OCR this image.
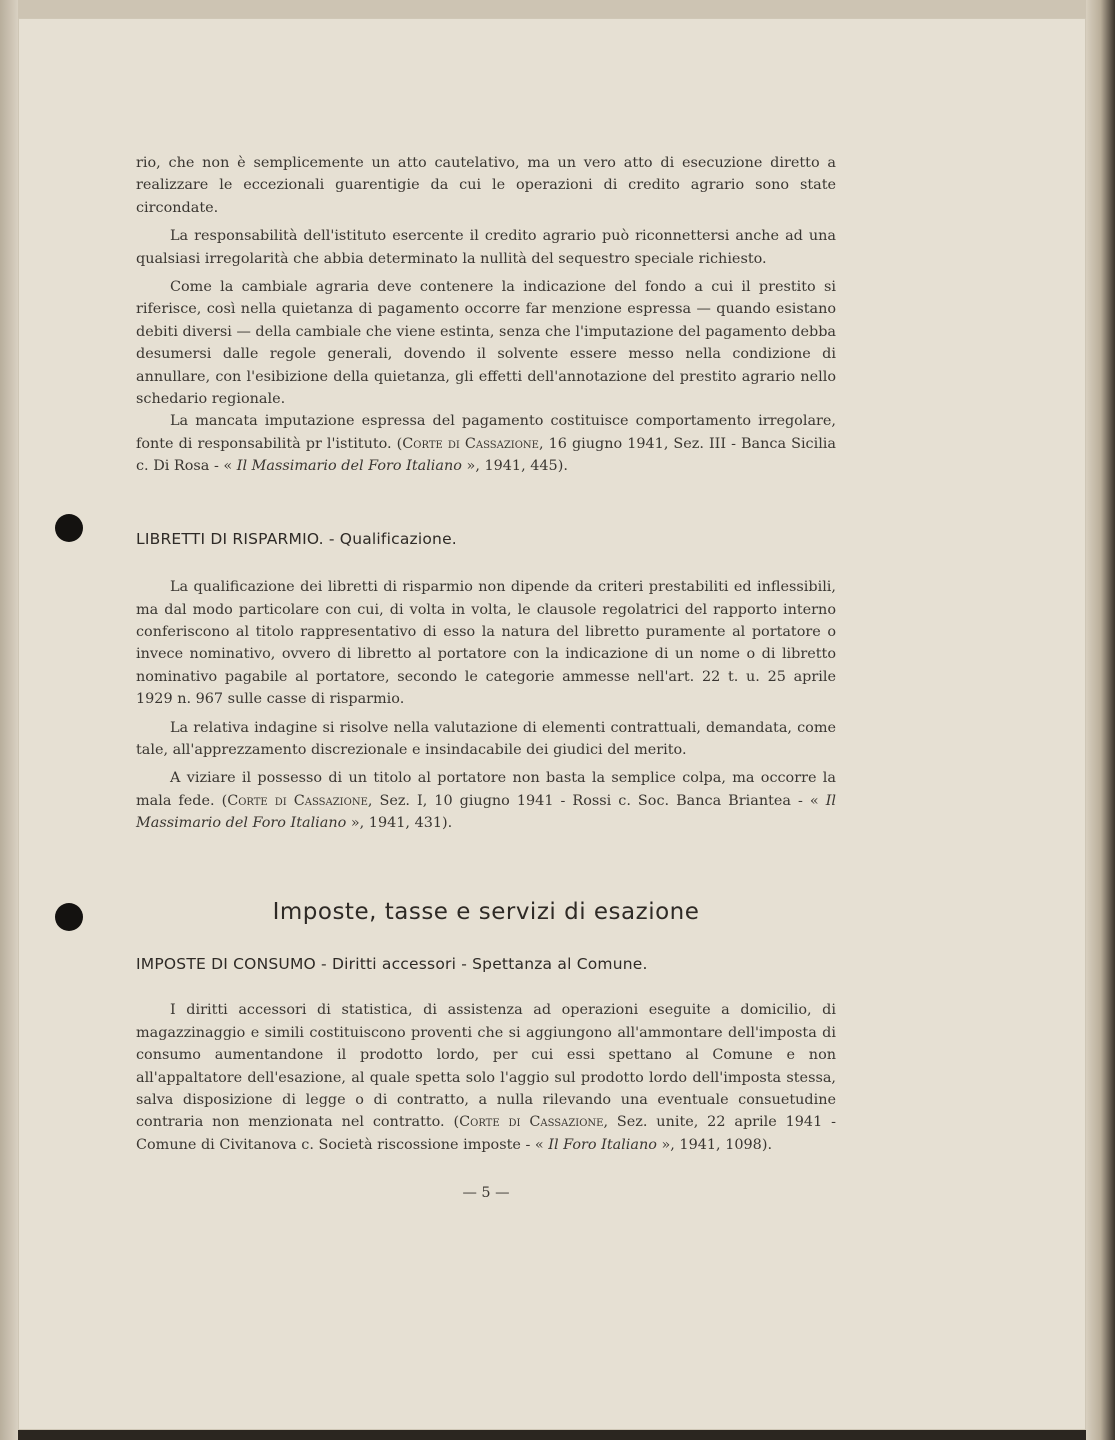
rio, che non è semplicemente un atto cautelativo, ma un vero atto di esecuzione diretto a realizzare le eccezionali guarentigie da cui le operazioni di credito agrario sono state circondate.

La responsabilità dell'istituto esercente il credito agrario può riconnettersi anche ad una qualsiasi irregolarità che abbia determinato la nullità del sequestro speciale richiesto.

Come la cambiale agraria deve contenere la indicazione del fondo a cui il prestito si riferisce, così nella quietanza di pagamento occorre far menzione espressa — quando esistano debiti diversi — della cambiale che viene estinta, senza che l'imputazione del pagamento debba desumersi dalle regole generali, dovendo il solvente essere messo nella condizione di annullare, con l'esibizione della quietanza, gli effetti dell'annotazione del prestito agrario nello schedario regionale.

La mancata imputazione espressa del pagamento costituisce comportamento irregolare, fonte di responsabilità pr l'istituto. (Corte di Cassazione, 16 giugno 1941, Sez. III - Banca Sicilia c. Di Rosa - « Il Massimario del Foro Italiano », 1941, 445).

LIBRETTI DI RISPARMIO. - Qualificazione.

La qualificazione dei libretti di risparmio non dipende da criteri prestabiliti ed inflessibili, ma dal modo particolare con cui, di volta in volta, le clausole regolatrici del rapporto interno conferiscono al titolo rappresentativo di esso la natura del libretto puramente al portatore o invece nominativo, ovvero di libretto al portatore con la indicazione di un nome o di libretto nominativo pagabile al portatore, secondo le categorie ammesse nell'art. 22 t. u. 25 aprile 1929 n. 967 sulle casse di risparmio.

La relativa indagine si risolve nella valutazione di elementi contrattuali, demandata, come tale, all'apprezzamento discrezionale e insindacabile dei giudici del merito.

A viziare il possesso di un titolo al portatore non basta la semplice colpa, ma occorre la mala fede. (Corte di Cassazione, Sez. I, 10 giugno 1941 - Rossi c. Soc. Banca Briantea - « Il Massimario del Foro Italiano », 1941, 431).

Imposte, tasse e servizi di esazione
IMPOSTE DI CONSUMO - Diritti accessori - Spettanza al Comune.

I diritti accessori di statistica, di assistenza ad operazioni eseguite a domicilio, di magazzinaggio e simili costituiscono proventi che si aggiungono all'ammontare dell'imposta di consumo aumentandone il prodotto lordo, per cui essi spettano al Comune e non all'appaltatore dell'esazione, al quale spetta solo l'aggio sul prodotto lordo dell'imposta stessa, salva disposizione di legge o di contratto, a nulla rilevando una eventuale consuetudine contraria non menzionata nel contratto. (Corte di Cassazione, Sez. unite, 22 aprile 1941 - Comune di Civitanova c. Società riscossione imposte - « Il Foro Italiano », 1941, 1098).

— 5 —
